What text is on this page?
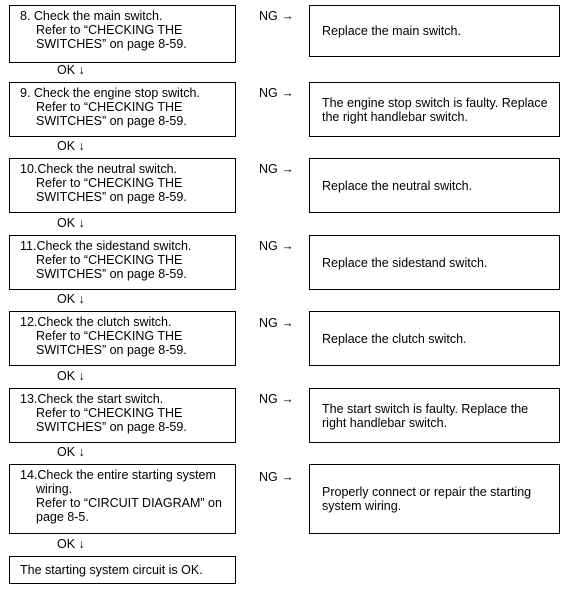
8. Check the main switch.
Refer to “CHECKING THE
SWITCHES” on page 8-59.
NG →
Replace the main switch.
OK ↓
9. Check the engine stop switch.
Refer to “CHECKING THE
SWITCHES” on page 8-59.
NG →
The engine stop switch is faulty. Replace the right handlebar switch.
OK ↓
10.Check the neutral switch.
Refer to “CHECKING THE
SWITCHES” on page 8-59.
NG →
Replace the neutral switch.
OK ↓
11.Check the sidestand switch.
Refer to “CHECKING THE
SWITCHES” on page 8-59.
NG →
Replace the sidestand switch.
OK ↓
12.Check the clutch switch.
Refer to “CHECKING THE
SWITCHES” on page 8-59.
NG →
Replace the clutch switch.
OK ↓
13.Check the start switch.
Refer to “CHECKING THE
SWITCHES” on page 8-59.
NG →
The start switch is faulty. Replace the right handlebar switch.
OK ↓
14.Check the entire starting system
wiring.
Refer to “CIRCUIT DIAGRAM” on
page 8-5.
NG →
Properly connect or repair the starting system wiring.
OK ↓
The starting system circuit is OK.
